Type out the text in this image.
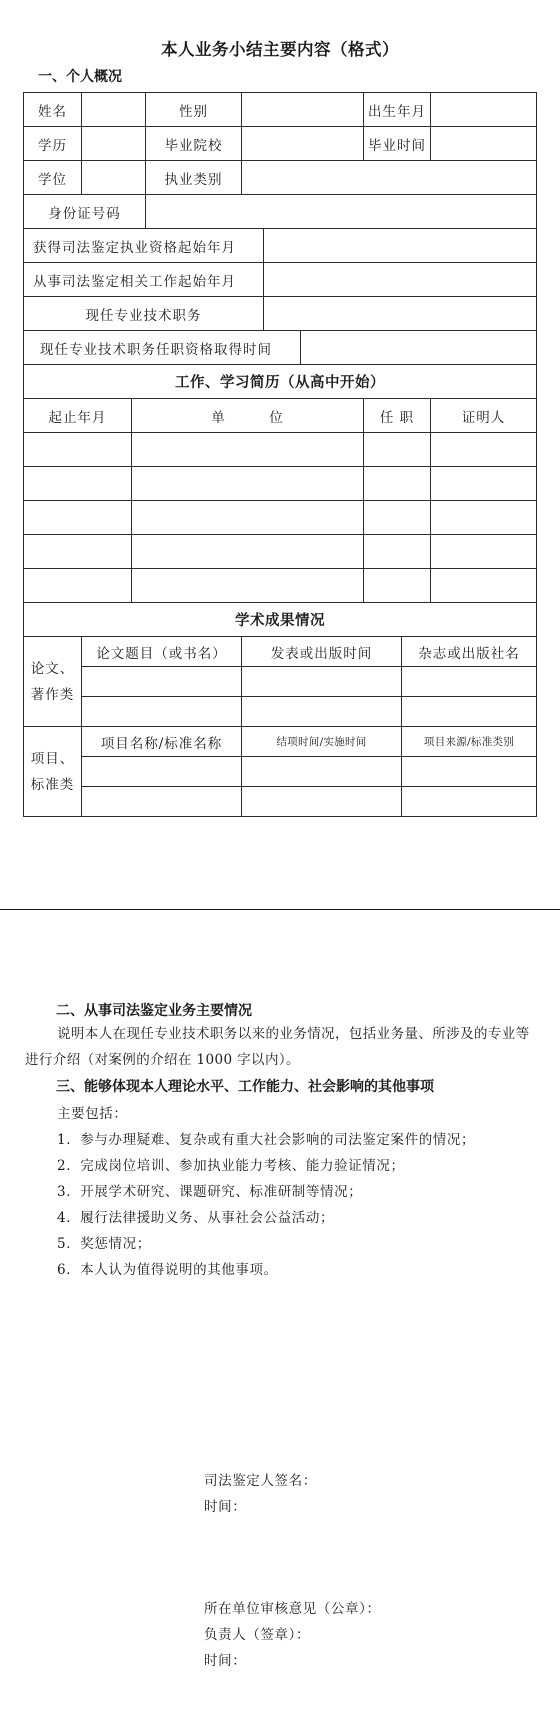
本人业务小结主要内容（格式）
一、个人概况
姓名			性别				出生年月		
学历			毕业院校				毕业时间		
学位			执业类别						
身份证号码									
获得司法鉴定执业资格起始年月									
从事司法鉴定相关工作起始年月									
现任专业技术职务									
现任专业技术职务任职资格取得时间									
工作、学习简历（从高中开始）									
起止年月		单　　　位					任 职		证明人

学术成果情况									
论文、著作类	论文题目（或书名）			发表或出版时间				杂志或出版社名	

项目、标准类	项目名称/标准名称			结项时间/实施时间				项目来源/标准类别	

二、从事司法鉴定业务主要情况
说明本人在现任专业技术职务以来的业务情况，包括业务量、所涉及的专业等进行介绍（对案例的介绍在 1000 字以内）。
三、能够体现本人理论水平、工作能力、社会影响的其他事项
主要包括：
1．参与办理疑难、复杂或有重大社会影响的司法鉴定案件的情况；
2．完成岗位培训、参加执业能力考核、能力验证情况；
3．开展学术研究、课题研究、标准研制等情况；
4．履行法律援助义务、从事社会公益活动；
5．奖惩情况；
6．本人认为值得说明的其他事项。
司法鉴定人签名：
时间：
所在单位审核意见（公章）：
负责人（签章）：
时间：
